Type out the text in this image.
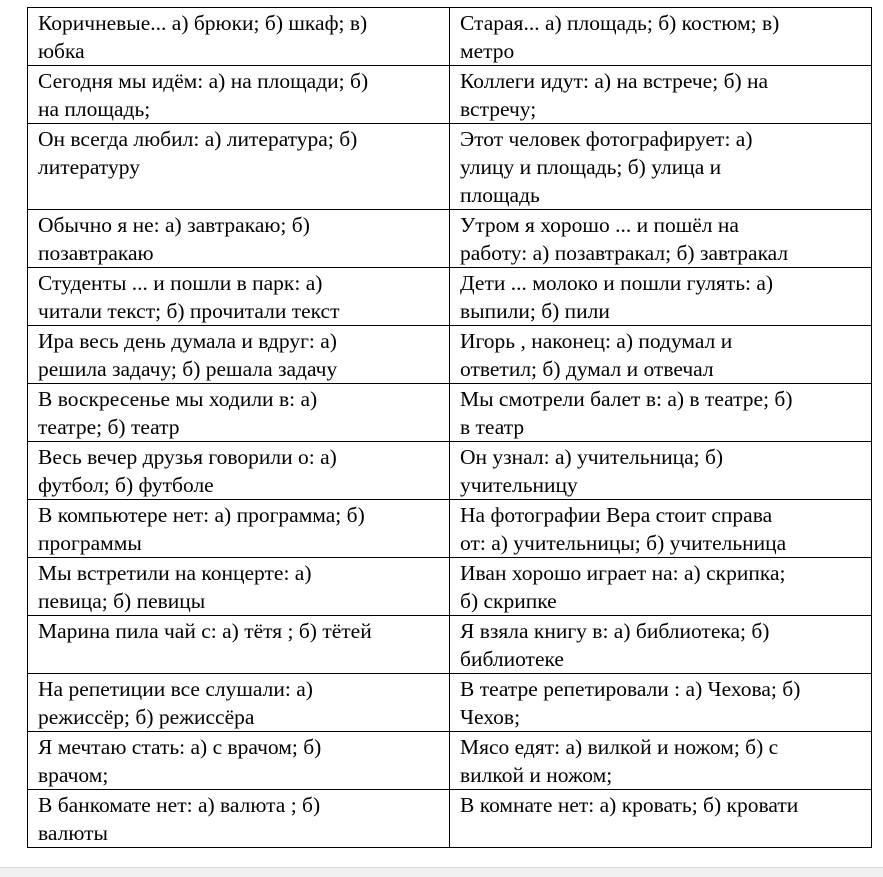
Коричневые... а) брюки; б) шкаф; в)
юбка	Старая... а) площадь; б) костюм; в)
метро

Сегодня мы идём: а) на площади; б)
на площадь;	Коллеги идут: а) на встрече; б) на
встречу;

Он всегда любил: а) литература; б)
литературу	Этот человек фотографирует: а)
улицу и площадь; б) улица и
площадь

Обычно я не: а) завтракаю; б)
позавтракаю	Утром я хорошо ... и пошёл на
работу: а) позавтракал; б) завтракал

Студенты ... и пошли в парк: а)
читали текст; б) прочитали текст	Дети ... молоко и пошли гулять: а)
выпили; б) пили

Ира весь день думала и вдруг: а)
решила задачу; б) решала задачу	Игорь , наконец: а) подумал и
ответил; б) думал и отвечал

В воскресенье мы ходили в: а)
театре; б) театр	Мы смотрели балет в: а) в театре; б)
в театр

Весь вечер друзья говорили о: а)
футбол; б) футболе	Он узнал: а) учительница; б)
учительницу

В компьютере нет: а) программа; б)
программы	На фотографии Вера стоит справа
от: а) учительницы; б) учительница

Мы встретили на концерте: а)
певица; б) певицы	Иван хорошо играет на: а) скрипка;
б) скрипке

Марина пила чай с: а) тётя ; б) тётей	Я взяла книгу в: а) библиотека; б)
библиотеке

На репетиции все слушали: а)
режиссёр; б) режиссёра	В театре репетировали : а) Чехова; б)
Чехов;

Я мечтаю стать: а) с врачом; б)
врачом;	Мясо едят: а) вилкой и ножом; б) с
вилкой и ножом;

В банкомате нет: а) валюта ; б)
валюты	В комнате нет: а) кровать; б) кровати
